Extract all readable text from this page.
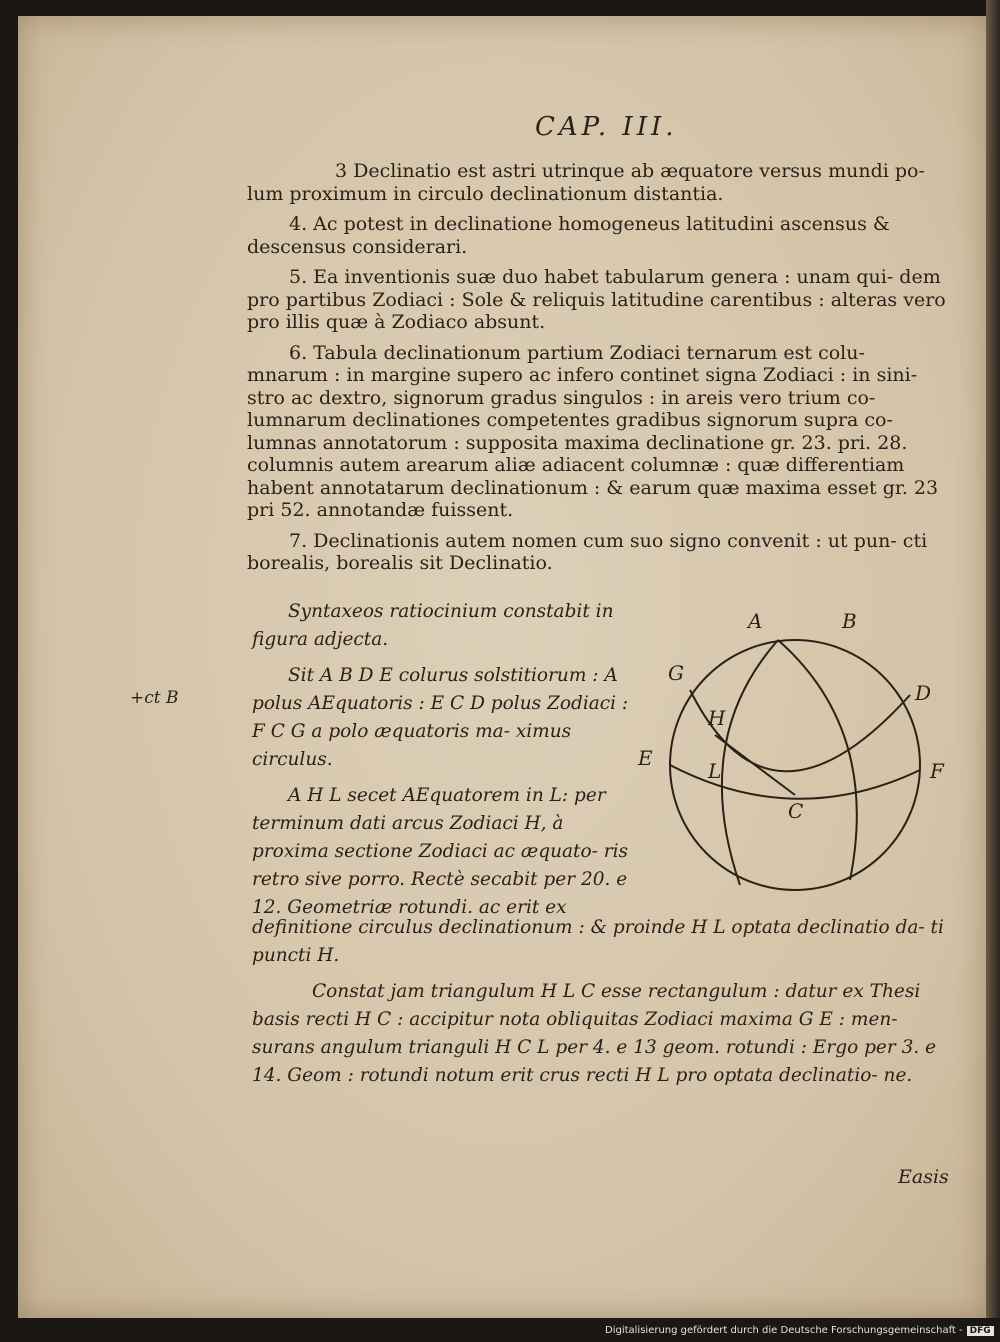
CAP. III.

3 Declinatio est astri utrinque ab æquatore versus mundi po- lum proximum in circulo declinationum distantia.

4. Ac potest in declinatione homogeneus latitudini ascensus & descensus considerari.

5. Ea inventionis suæ duo habet tabularum genera : unam qui- dem pro partibus Zodiaci : Sole & reliquis latitudine carentibus : alteras vero pro illis quæ à Zodiaco absunt.

6. Tabula declinationum partium Zodiaci ternarum est colu- mnarum : in margine supero ac infero continet signa Zodiaci : in sini- stro ac dextro, signorum gradus singulos : in areis vero trium co- lumnarum declinationes competentes gradibus signorum supra co- lumnas annotatorum : supposita maxima declinatione gr. 23. pri. 28. columnis autem arearum aliæ adiacent columnæ : quæ differentiam habent annotatarum declinationum : & earum quæ maxima esset gr. 23 pri 52. annotandæ fuissent.

7. Declinationis autem nomen cum suo signo convenit : ut pun- cti borealis, borealis sit Declinatio.

+ct B

Syntaxeos ratiocinium constabit in figura adjecta.

Sit A B D E colurus solstitiorum : A polus AEquatoris : E C D polus Zodiaci : F C G a polo æquatoris ma- ximus circulus.

A H L secet AEquatorem in L: per terminum dati arcus Zodiaci H, à proxima sectione Zodiaci ac æquato- ris retro sive porro. Rectè secabit per 20. e 12. Geometriæ rotundi. ac erit ex

definitione circulus declinationum : & proinde H L optata declinatio da- ti puncti H.

Constat jam triangulum H L C esse rectangulum : datur ex Thesi basis recti H C : accipitur nota obliquitas Zodiaci maxima G E : men- surans angulum trianguli H C L per 4. e 13 geom. rotundi : Ergo per 3. e 14. Geom : rotundi notum erit crus recti H L pro optata declinatio- ne.

A	B
G
D
H
E
L	F
C
Easis
Digitalisierung gefördert durch die Deutsche Forschungsgemeinschaft - DFG
